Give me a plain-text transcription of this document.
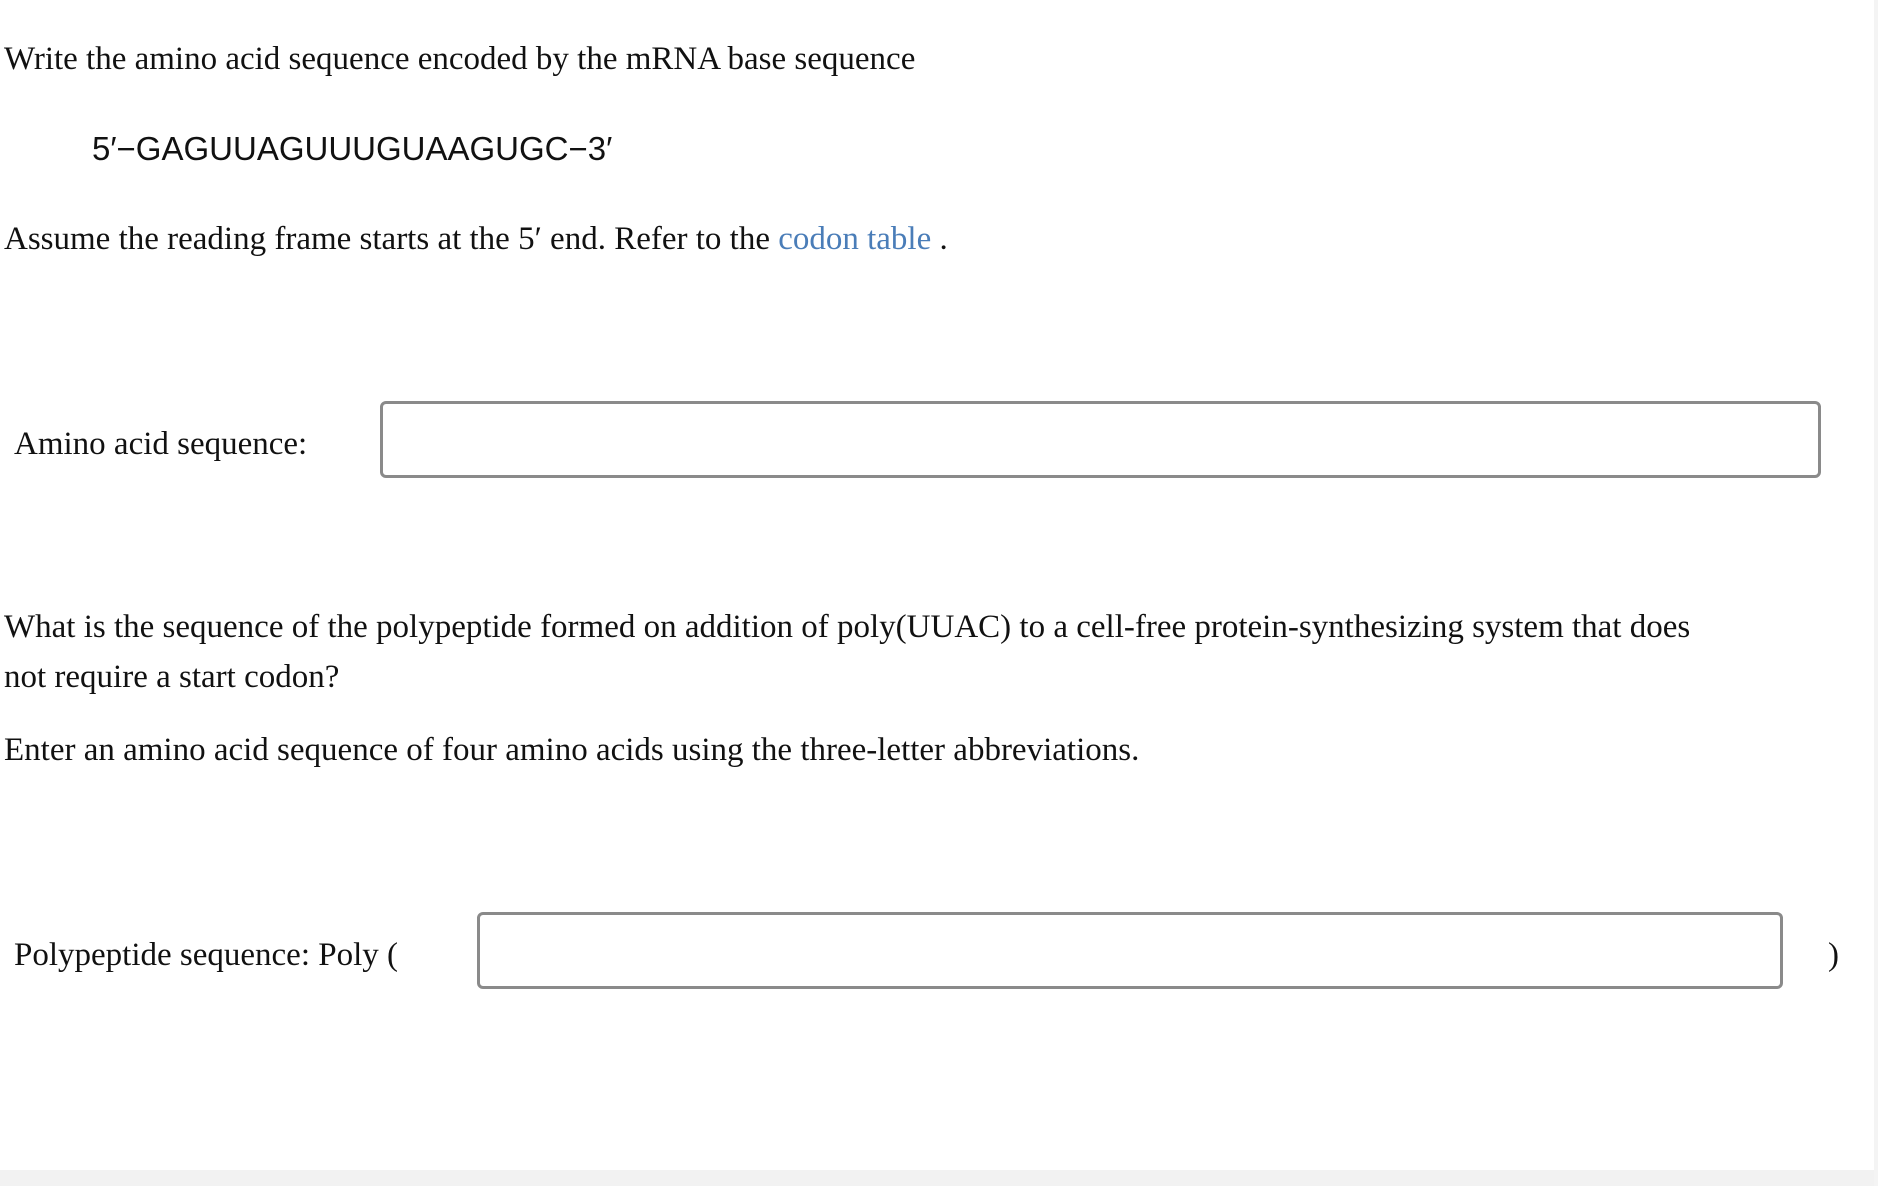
Write the amino acid sequence encoded by the mRNA base sequence

5′−GAGUUAGUUUGUAAGUGC−3′

Assume the reading frame starts at the 5′ end. Refer to the codon table .

Amino acid sequence:

What is the sequence of the polypeptide formed on addition of poly(UUAC) to a cell-free protein-synthesizing system that does
not require a start codon?

Enter an amino acid sequence of four amino acids using the three-letter abbreviations.

Polypeptide sequence: Poly (	)
